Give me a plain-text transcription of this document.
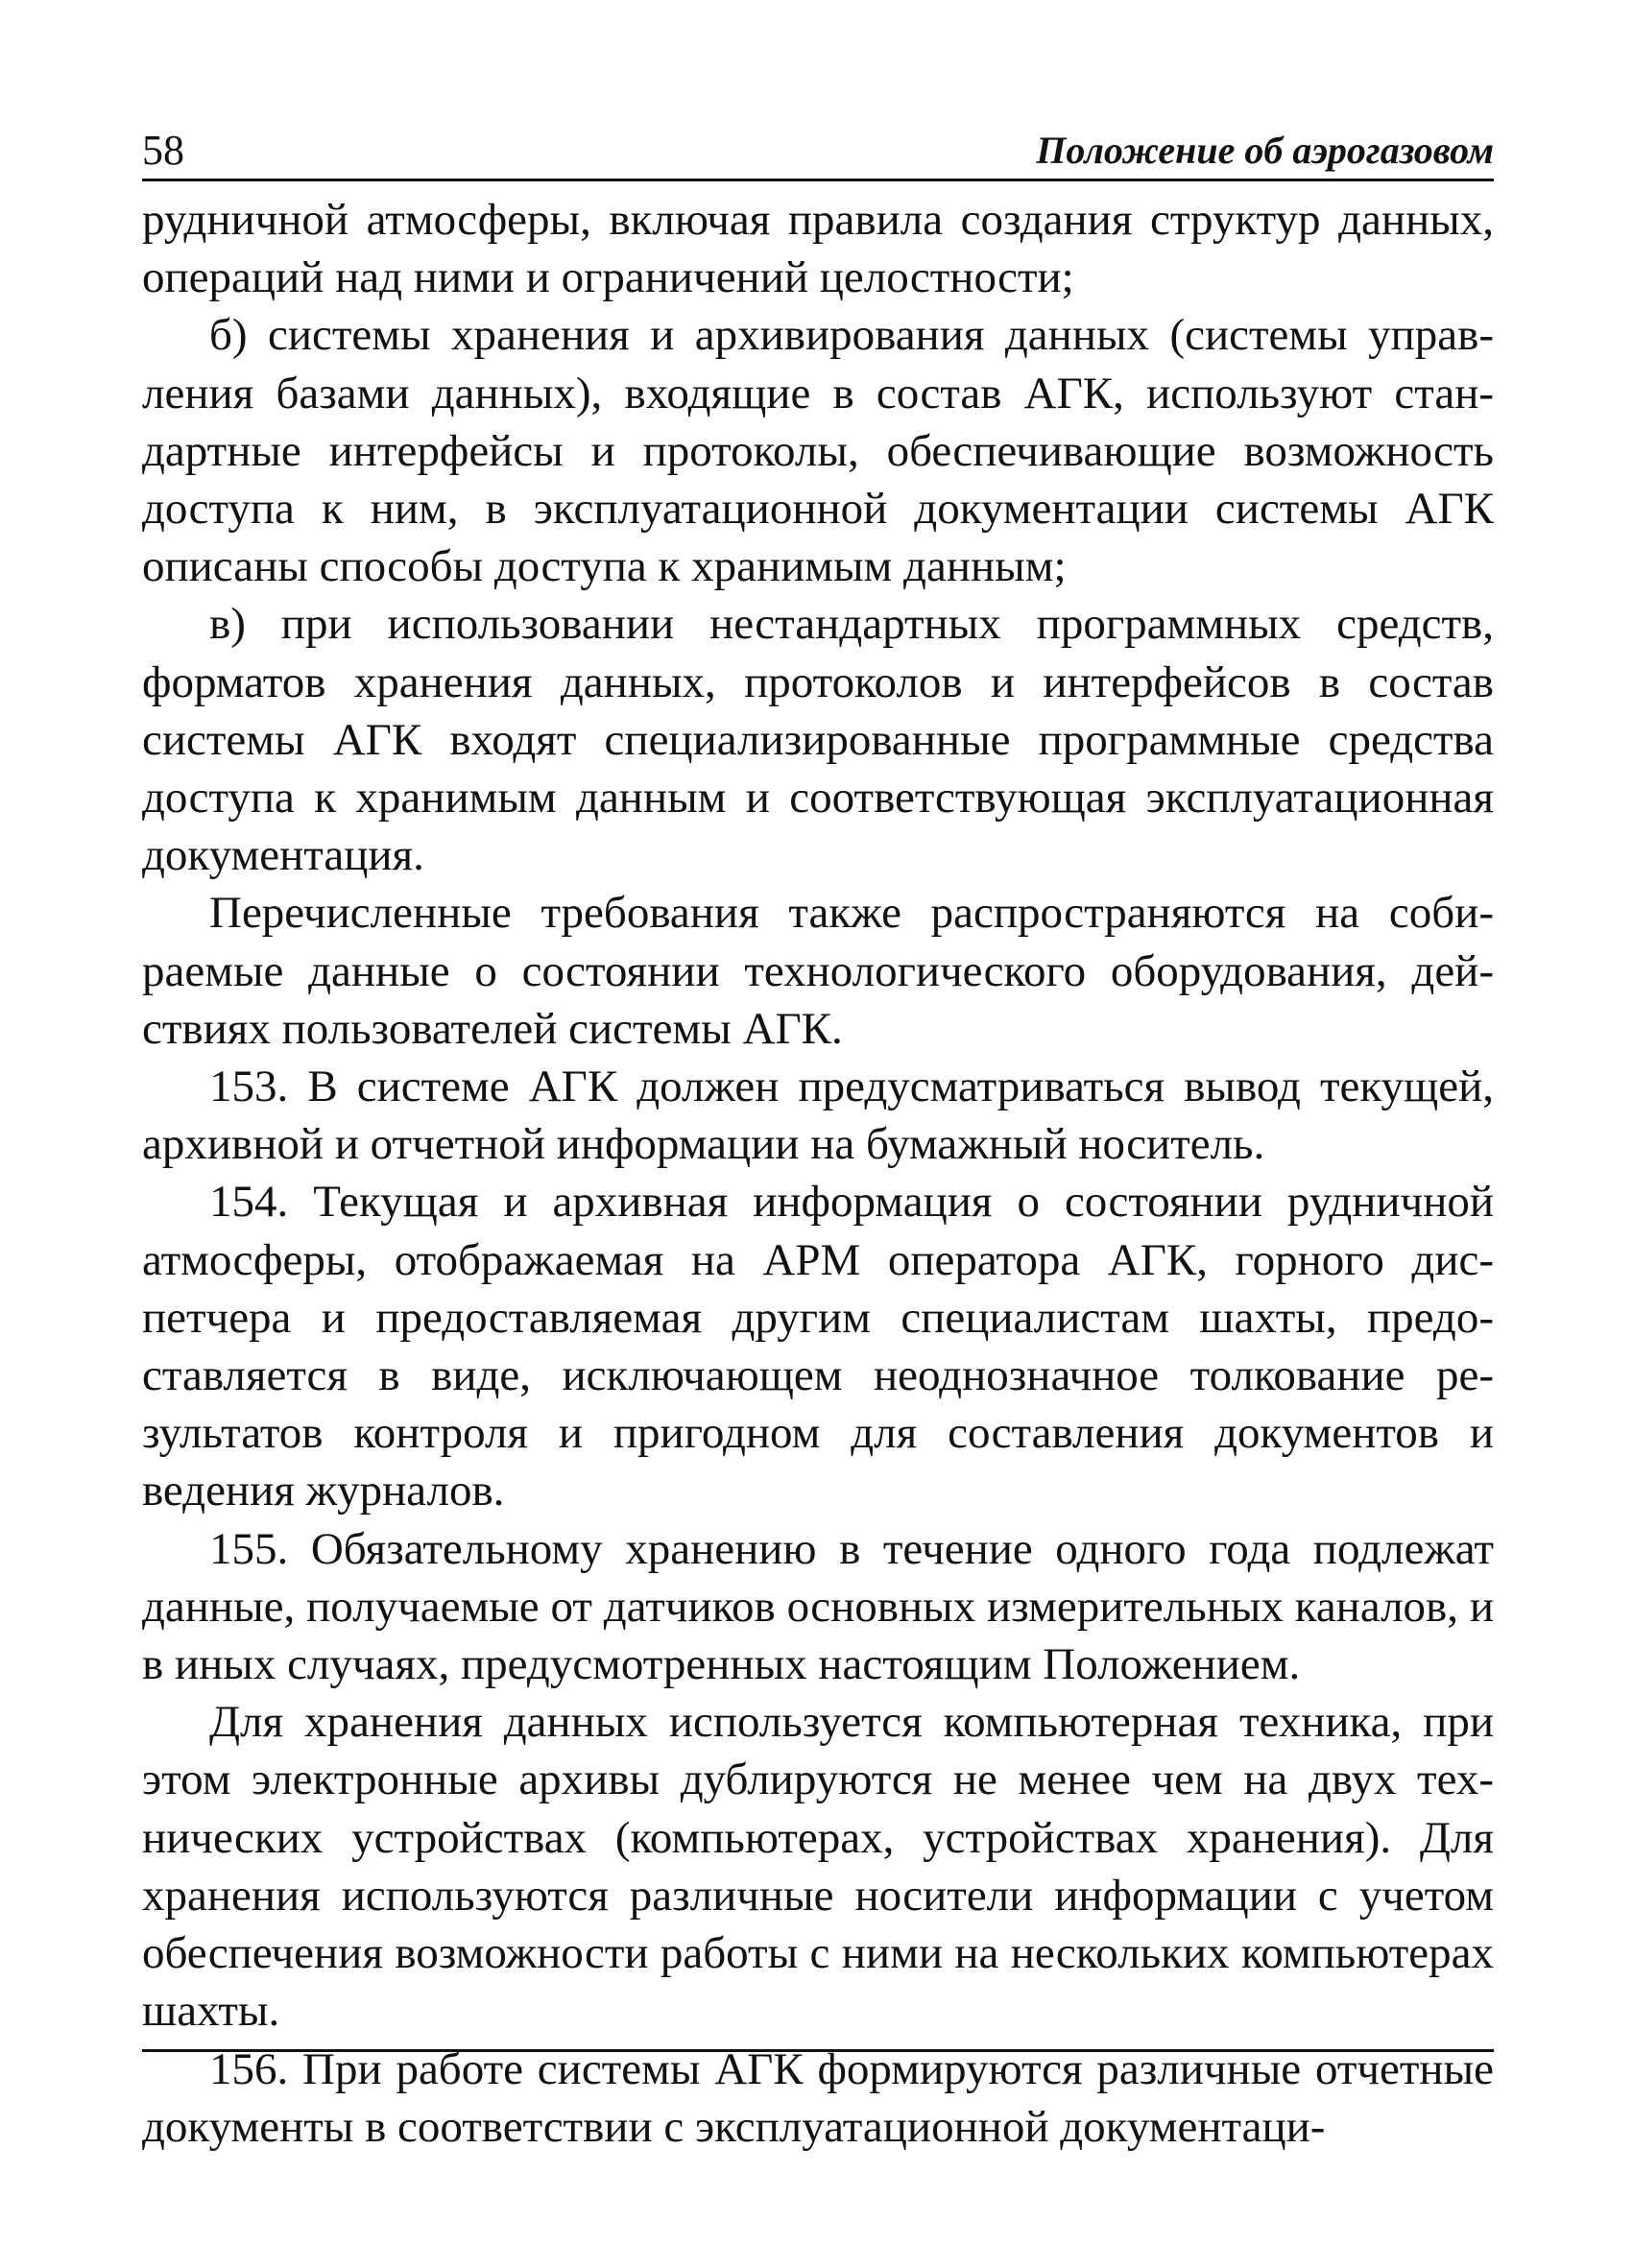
58	Положение об аэрогазовом

рудничной атмосферы, включая правила создания структур данных, операций над ними и ограничений целостности;

б) системы хранения и архивирования данных (системы управления базами данных), входящие в состав АГК, используют стандартные интерфейсы и протоколы, обеспечивающие возможность доступа к ним, в эксплуатационной документации системы АГК описаны способы доступа к хранимым данным;

в) при использовании нестандартных программных средств, форматов хранения данных, протоколов и интерфейсов в состав системы АГК входят специализированные программные средства доступа к хранимым данным и соответствующая эксплуатационная документация.

Перечисленные требования также распространяются на собираемые данные о состоянии технологического оборудования, действиях пользователей системы АГК.

153. В системе АГК должен предусматриваться вывод текущей, архивной и отчетной информации на бумажный носитель.

154. Текущая и архивная информация о состоянии рудничной атмосферы, отображаемая на АРМ оператора АГК, горного диспетчера и предоставляемая другим специалистам шахты, предоставляется в виде, исключающем неоднозначное толкование результатов контроля и пригодном для составления документов и ведения журналов.

155. Обязательному хранению в течение одного года подлежат данные, получаемые от датчиков основных измерительных каналов, и в иных случаях, предусмотренных настоящим Положением.

Для хранения данных используется компьютерная техника, при этом электронные архивы дублируются не менее чем на двух технических устройствах (компьютерах, устройствах хранения). Для хранения используются различные носители информации с учетом обеспечения возможности работы с ними на нескольких компьютерах шахты.

156. При работе системы АГК формируются различные отчетные документы в соответствии с эксплуатационной документаци-
